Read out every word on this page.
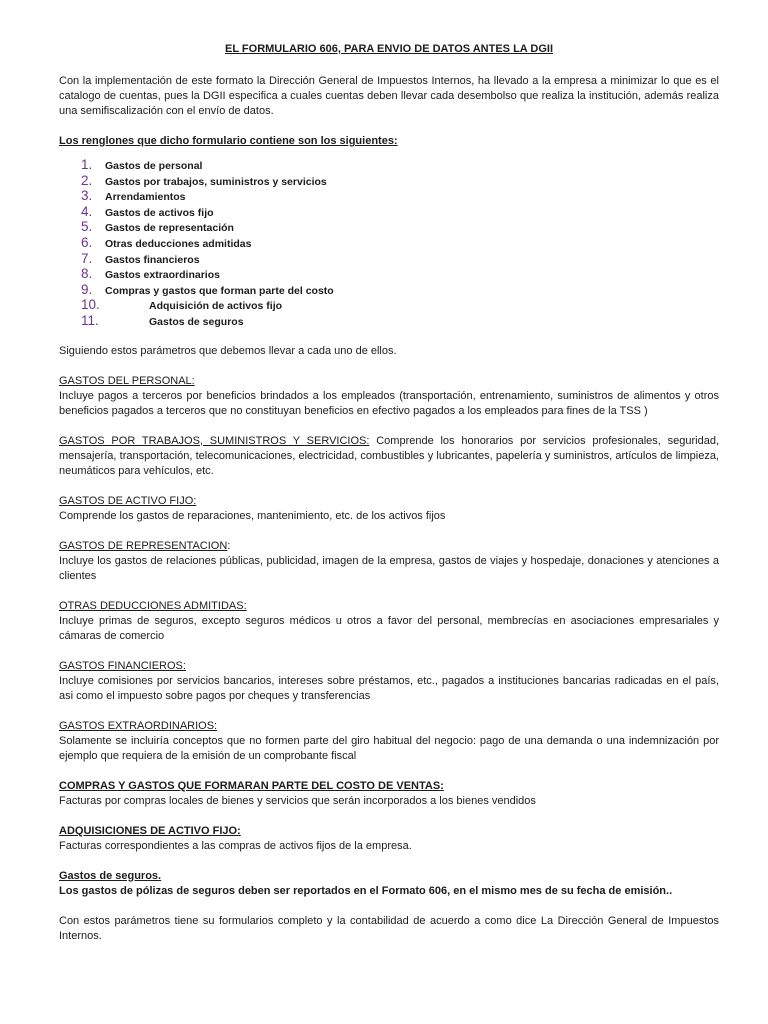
EL FORMULARIO 606, PARA ENVIO DE DATOS ANTES LA DGII

Con la implementación de este formato la Dirección General de Impuestos Internos, ha llevado a la empresa a minimizar lo que es el catalogo de cuentas, pues la DGII especifica a cuales cuentas deben llevar cada desembolso que realiza la institución, además realiza una semifiscalización con el envío de datos.

Los renglones que dicho formulario contiene son los siguientes:

1.	Gastos de personal
2.	Gastos por trabajos, suministros y servicios
3.	Arrendamientos
4.	Gastos de activos fijo
5.	Gastos de representación
6.	Otras deducciones admitidas
7.	Gastos financieros
8.	Gastos extraordinarios
9.	Compras y gastos que forman parte del costo
10.	Adquisición de activos fijo
11.	Gastos de seguros

Siguiendo estos parámetros que debemos llevar a cada uno de ellos.

GASTOS DEL PERSONAL:

Incluye pagos a terceros por beneficios brindados a los empleados (transportación, entrenamiento, suministros de alimentos y otros beneficios pagados a terceros que no constituyan beneficios en efectivo pagados a los empleados para fines de la TSS )

GASTOS POR TRABAJOS, SUMINISTROS Y SERVICIOS: Comprende los honorarios por servicios profesionales, seguridad, mensajería, transportación, telecomunicaciones, electricidad, combustibles y lubricantes, papelería y suministros, artículos de limpieza, neumáticos para vehículos, etc.

GASTOS DE ACTIVO FIJO:

Comprende los gastos de reparaciones, mantenimiento, etc. de los activos fijos

GASTOS DE REPRESENTACION:

Incluye los gastos de relaciones públicas, publicidad, imagen de la empresa, gastos de viajes y hospedaje, donaciones y atenciones a clientes

OTRAS DEDUCCIONES ADMITIDAS:

Incluye primas de seguros, excepto seguros médicos u otros a favor del personal, membrecías en asociaciones empresariales y cámaras de comercio

GASTOS FINANCIEROS:

Incluye comisiones por servicios bancarios, intereses sobre préstamos, etc., pagados a instituciones bancarias radicadas en el país, asi como el impuesto sobre pagos por cheques y transferencias

GASTOS EXTRAORDINARIOS:

Solamente se incluiría conceptos que no formen parte del giro habitual del negocio: pago de una demanda o una indemnización por ejemplo que requiera de la emisión de un comprobante fiscal

COMPRAS Y GASTOS QUE FORMARAN PARTE DEL COSTO DE VENTAS:

Facturas por compras locales de bienes y servicios que serán incorporados a los bienes vendidos

ADQUISICIONES DE ACTIVO FIJO:

Facturas correspondientes a las compras de activos fijos de la empresa.

Gastos de seguros.

Los gastos de pólizas de seguros deben ser reportados en el Formato 606, en el mismo mes de su fecha de emisión..

Con estos parámetros tiene su formularios completo y la contabilidad de acuerdo a como dice La Dirección General de Impuestos Internos.
